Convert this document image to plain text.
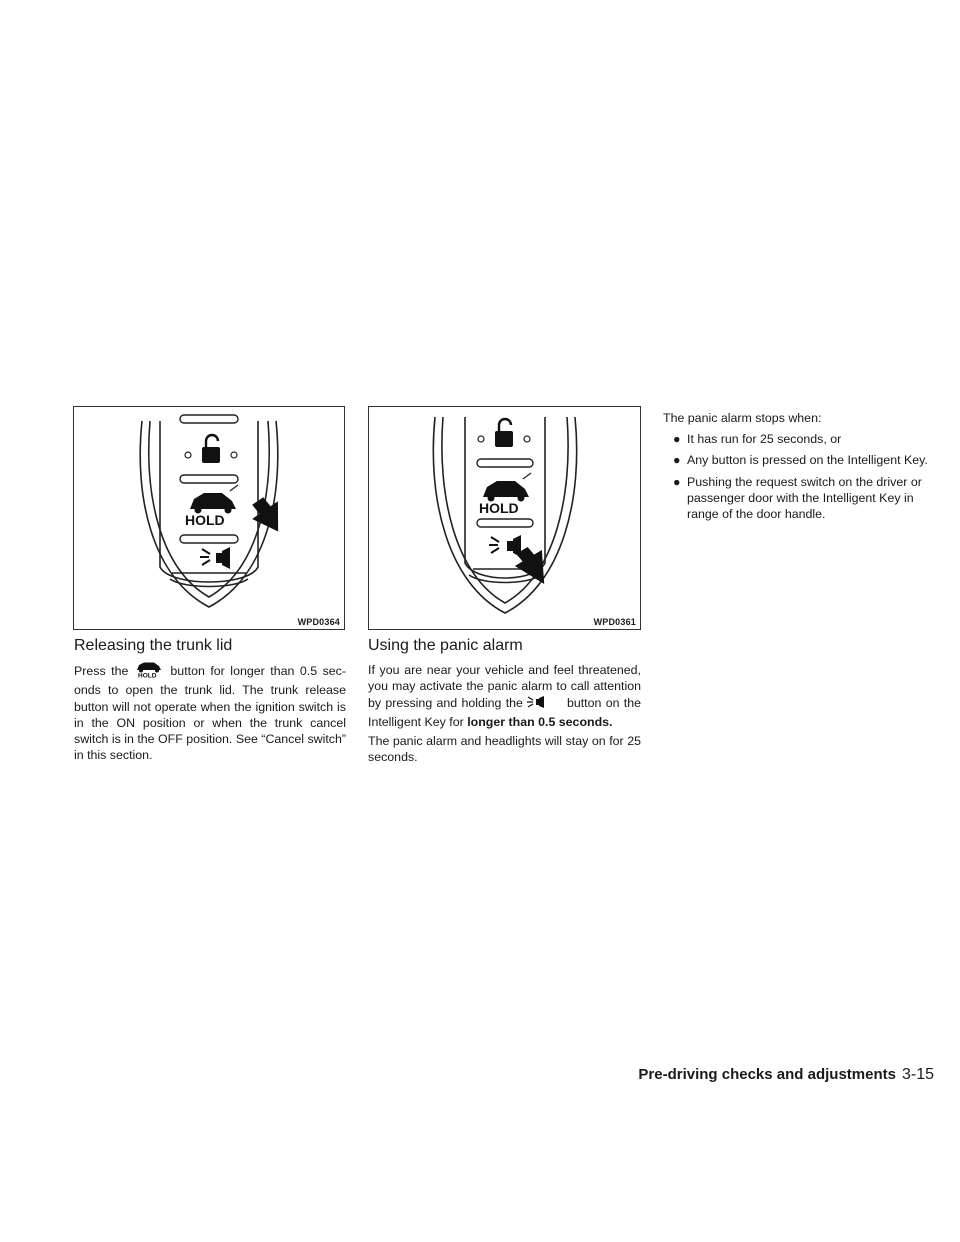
HOLD
WPD0364
HOLD
WPD0361
Releasing the trunk lid

Press the HOLD button for longer than 0.5 sec- onds to open the trunk lid. The trunk release button will not operate when the ignition switch is in the ON position or when the trunk cancel switch is in the OFF position. See “Cancel switch” in this section.

Using the panic alarm

If you are near your vehicle and feel threatened, you may activate the panic alarm to call attention by pressing and holding the	button on the Intelligent Key for longer than 0.5 seconds.

The panic alarm and headlights will stay on for 25 seconds.

The panic alarm stops when:

● It has run for 25 seconds, or
● Any button is pressed on the Intelligent Key.
● Pushing the request switch on the driver or passenger door with the Intelligent Key in range of the door handle.
Pre-driving checks and adjustments 3-15
